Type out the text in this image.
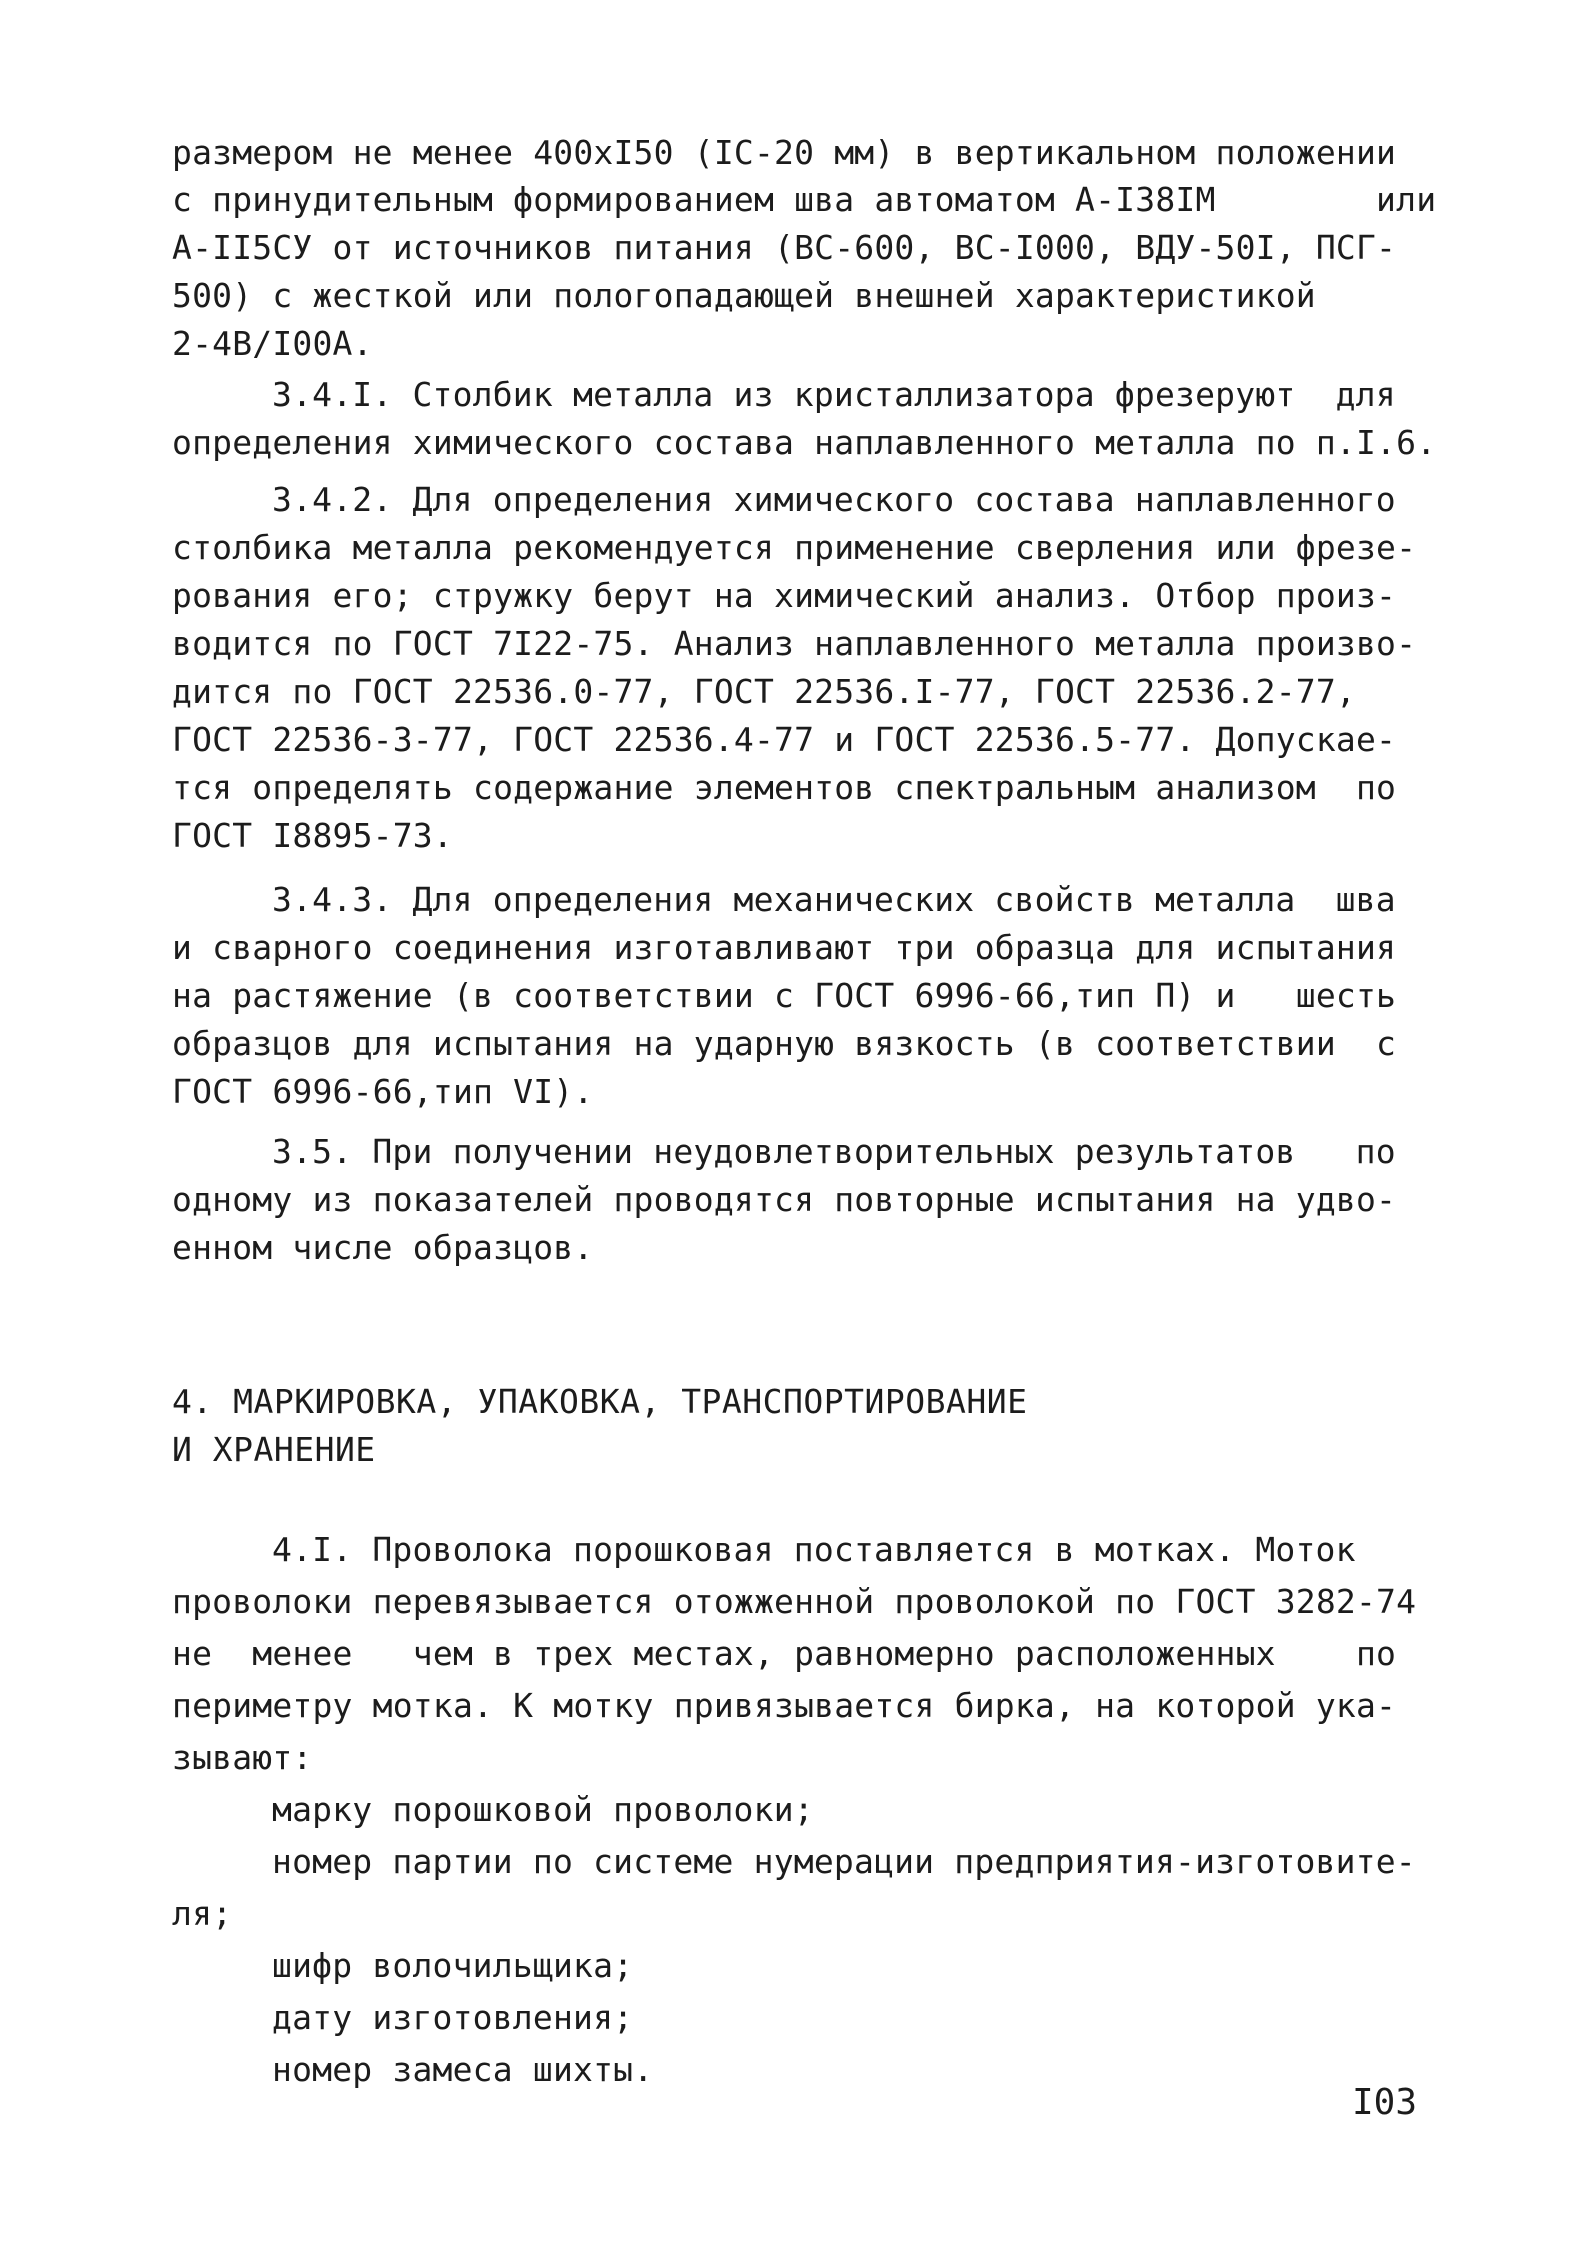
размером не менее 400хI50 (IC-20 мм) в вертикальном положении
с принудительным формированием шва автоматом А-I38IМ        или
А-II5СУ от источников питания (ВС-600, ВС-I000, ВДУ-50I, ПСГ-
500) с жесткой или пологопадающей внешней характеристикой
2-4В/I00А.
3.4.I. Столбик металла из кристаллизатора фрезеруют  для
определения химического состава наплавленного металла по п.I.6.
3.4.2. Для определения химического состава наплавленного
столбика металла рекомендуется применение сверления или фрезе-
рования его; стружку берут на химический анализ. Отбор произ-
водится по ГОСТ 7I22-75. Анализ наплавленного металла произво-
дится по ГОСТ 22536.0-77, ГОСТ 22536.I-77, ГОСТ 22536.2-77,
ГОСТ 22536-3-77, ГОСТ 22536.4-77 и ГОСТ 22536.5-77. Допускае-
тся определять содержание элементов спектральным анализом  по
ГОСТ I8895-73.
3.4.3. Для определения механических свойств металла  шва
и сварного соединения изготавливают три образца для испытания
на растяжение (в соответствии с ГОСТ 6996-66,тип П) и   шесть
образцов для испытания на ударную вязкость (в соответствии  с
ГОСТ 6996-66,тип VI).
3.5. При получении неудовлетворительных результатов   по
одному из показателей проводятся повторные испытания на удво-
енном числе образцов.
4. МАРКИРОВКА, УПАКОВКА, ТРАНСПОРТИРОВАНИЕ
И ХРАНЕНИЕ
4.I. Проволока порошковая поставляется в мотках. Моток
проволоки перевязывается отожженной проволокой по ГОСТ 3282-74
не  менее   чем в трех местах, равномерно расположенных    по
периметру мотка. К мотку привязывается бирка, на которой ука-
зывают:
марку порошковой проволоки;
номер партии по системе нумерации предприятия-изготовите-
ля;
шифр волочильщика;
дату изготовления;
номер замеса шихты.
I03
